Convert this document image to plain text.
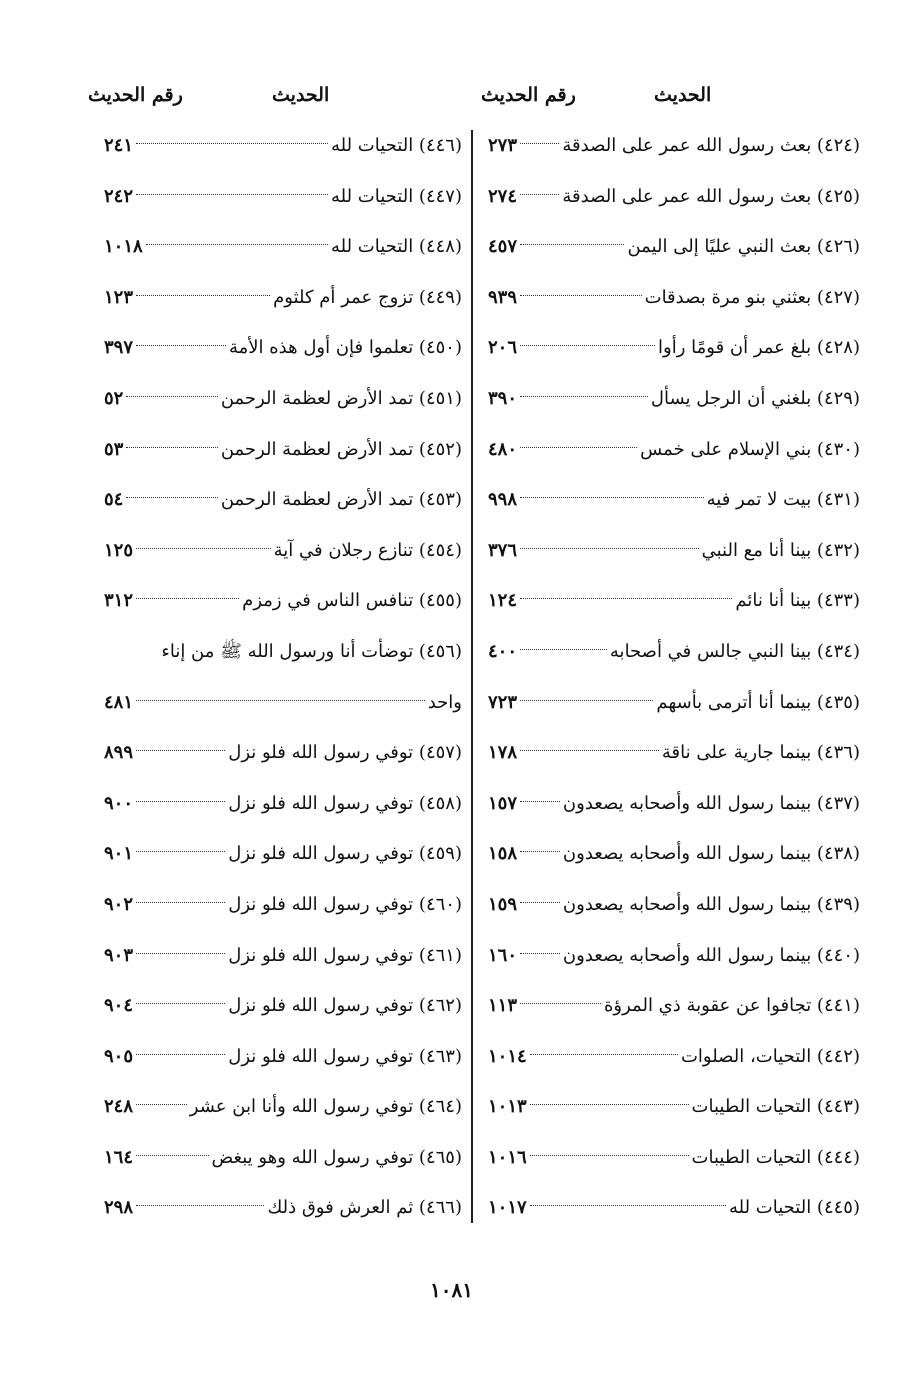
الحديث
رقم الحديث
الحديث
رقم الحديث
(٤٢٤) بعث رسول الله عمر على الصدقة
٢٧٣
(٤٢٥) بعث رسول الله عمر على الصدقة
٢٧٤
(٤٢٦) بعث النبي عليًا إلى اليمن
٤٥٧
(٤٢٧) بعثني بنو مرة بصدقات
٩٣٩
(٤٢٨) بلغ عمر أن قومًا رأوا
٢٠٦
(٤٢٩) بلغني أن الرجل يسأل
٣٩٠
(٤٣٠) بني الإسلام على خمس
٤٨٠
(٤٣١) بيت لا تمر فيه
٩٩٨
(٤٣٢) بينا أنا مع النبي
٣٧٦
(٤٣٣) بينا أنا نائم
١٢٤
(٤٣٤) بينا النبي جالس في أصحابه
٤٠٠
(٤٣٥) بينما أنا أترمى بأسهم
٧٢٣
(٤٣٦) بينما جارية على ناقة
١٧٨
(٤٣٧) بينما رسول الله وأصحابه يصعدون
١٥٧
(٤٣٨) بينما رسول الله وأصحابه يصعدون
١٥٨
(٤٣٩) بينما رسول الله وأصحابه يصعدون
١٥٩
(٤٤٠) بينما رسول الله وأصحابه يصعدون
١٦٠
(٤٤١) تجافوا عن عقوبة ذي المرؤة
١١٣
(٤٤٢) التحيات، الصلوات
١٠١٤
(٤٤٣) التحيات الطيبات
١٠١٣
(٤٤٤) التحيات الطيبات
١٠١٦
(٤٤٥) التحيات لله
١٠١٧
(٤٤٦) التحيات لله
٢٤١
(٤٤٧) التحيات لله
٢٤٢
(٤٤٨) التحيات لله
١٠١٨
(٤٤٩) تزوج عمر أم كلثوم
١٢٣
(٤٥٠) تعلموا فإن أول هذه الأمة
٣٩٧
(٤٥١) تمد الأرض لعظمة الرحمن
٥٢
(٤٥٢) تمد الأرض لعظمة الرحمن
٥٣
(٤٥٣) تمد الأرض لعظمة الرحمن
٥٤
(٤٥٤) تنازع رجلان في آية
١٢٥
(٤٥٥) تنافس الناس في زمزم
٣١٢
(٤٥٦) توضأت أنا ورسول الله ﷺ من إناء
واحد
٤٨١
(٤٥٧) توفي رسول الله فلو نزل
٨٩٩
(٤٥٨) توفي رسول الله فلو نزل
٩٠٠
(٤٥٩) توفي رسول الله فلو نزل
٩٠١
(٤٦٠) توفي رسول الله فلو نزل
٩٠٢
(٤٦١) توفي رسول الله فلو نزل
٩٠٣
(٤٦٢) توفي رسول الله فلو نزل
٩٠٤
(٤٦٣) توفي رسول الله فلو نزل
٩٠٥
(٤٦٤) توفي رسول الله وأنا ابن عشر
٢٤٨
(٤٦٥) توفي رسول الله وهو يبغض
١٦٤
(٤٦٦) ثم العرش فوق ذلك
٢٩٨
١٠٨١
